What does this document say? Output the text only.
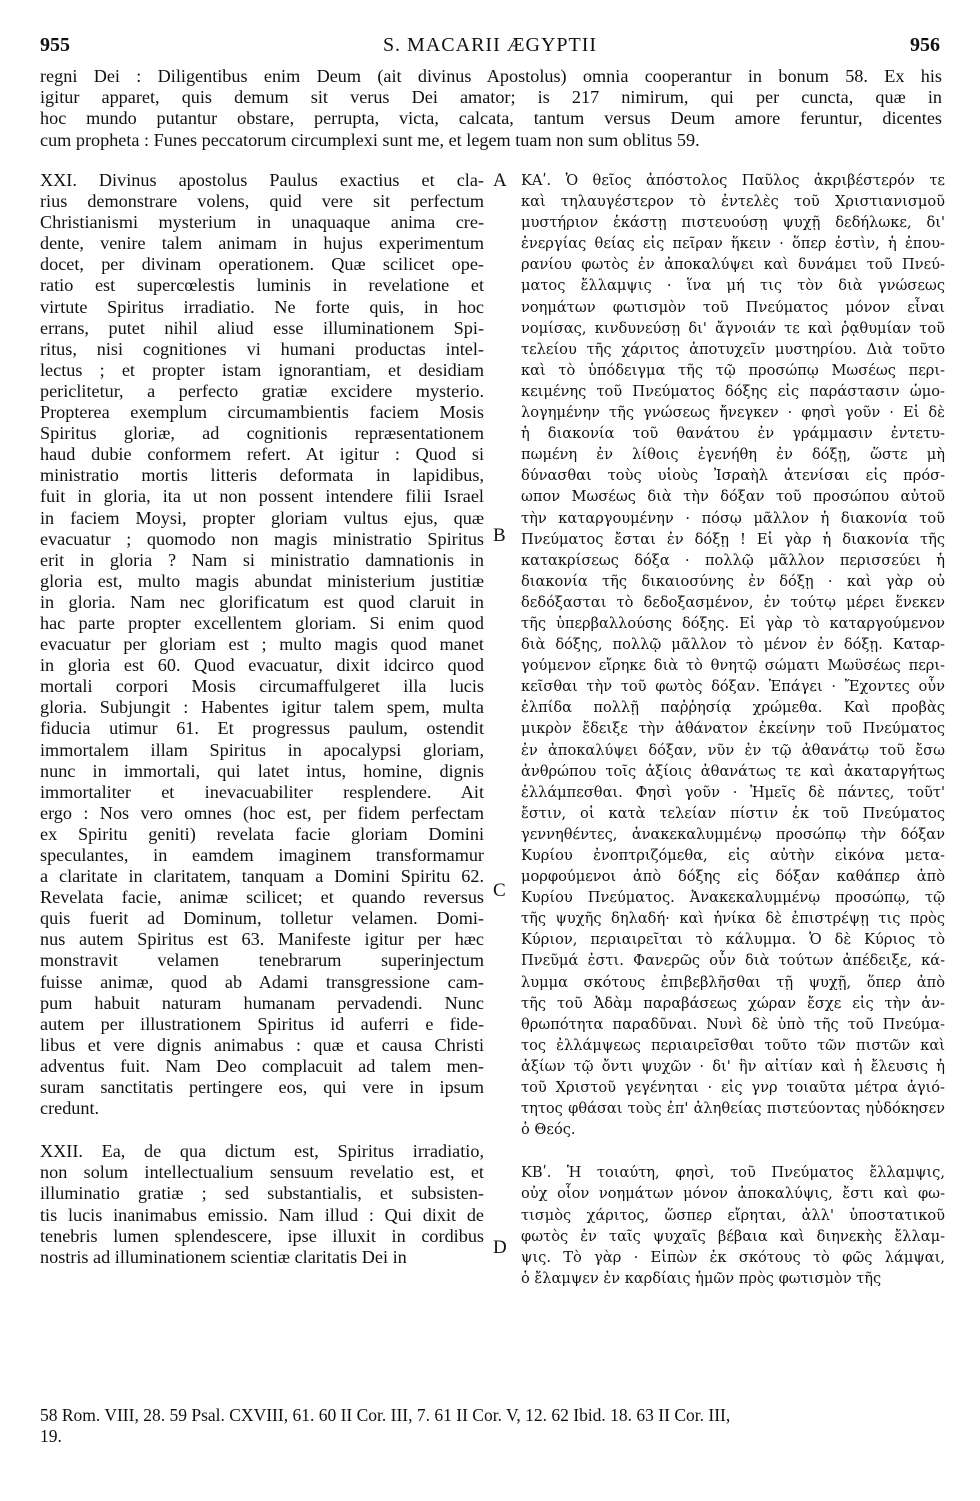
955	S. MACARII ÆGYPTII	956
regni Dei : Diligentibus enim Deum (ait divinus Apostolus) omnia cooperantur in bonum 58. Ex his
igitur apparet, quis demum sit verus Dei amator; is 217 nimirum, qui per cuncta, quæ in
hoc mundo putantur obstare, perrupta, victa, calcata, tantum versus Deum amore feruntur, dicentes
cum propheta : Funes peccatorum circumplexi sunt me, et legem tuam non sum oblitus 59.
XXI. Divinus apostolus Paulus exactius et cla-
rius demonstrare volens, quid vere sit perfectum
Christianismi mysterium in unaquaque anima cre-
dente, venire talem animam in hujus experimentum
docet, per divinam operationem. Quæ scilicet ope-
ratio est supercœlestis luminis in revelatione et
virtute Spiritus irradiatio. Ne forte quis, in hoc
errans, putet nihil aliud esse illuminationem Spi-
ritus, nisi cognitiones vi humani productas intel-
lectus ; et propter istam ignorantiam, et desidiam
periclitetur, a perfecto gratiæ excidere mysterio.
Propterea exemplum circumambientis faciem Mosis
Spiritus gloriæ, ad cognitionis repræsentationem
haud dubie conformem refert. At igitur : Quod si
ministratio mortis litteris deformata in lapidibus,
fuit in gloria, ita ut non possent intendere filii Israel
in faciem Moysi, propter gloriam vultus ejus, quæ
evacuatur ; quomodo non magis ministratio Spiritus
erit in gloria ? Nam si ministratio damnationis in
gloria est, multo magis abundat ministerium justitiæ
in gloria. Nam nec glorificatum est quod claruit in
hac parte propter excellentem gloriam. Si enim quod
evacuatur per gloriam est ; multo magis quod manet
in gloria est 60. Quod evacuatur, dixit idcirco quod
mortali corpori Mosis circumaffulgeret illa lucis
gloria. Subjungit : Habentes igitur talem spem, multa
fiducia utimur 61. Et progressus paulum, ostendit
immortalem illam Spiritus in apocalypsi gloriam,
nunc in immortali, qui latet intus, homine, dignis
immortaliter et inevacuabiliter resplendere. Ait
ergo : Nos vero omnes (hoc est, per fidem perfectam
ex Spiritu geniti) revelata facie gloriam Domini
speculantes, in eamdem imaginem transformamur
a claritate in claritatem, tanquam a Domini Spiritu 62.
Revelata facie, animæ scilicet; et quando reversus
quis fuerit ad Dominum, tolletur velamen. Domi-
nus autem Spiritus est 63. Manifeste igitur per hæc
monstravit velamen tenebrarum superinjectum
fuisse animæ, quod ab Adami transgressione cam-
pum habuit naturam humanam pervadendi. Nunc
autem per illustrationem Spiritus id auferri e fide-
libus et vere dignis animabus : quæ et causa Christi
adventus fuit. Nam Deo complacuit ad talem men-
suram sanctitatis pertingere eos, qui vere in ipsum
credunt.
XXII. Ea, de qua dictum est, Spiritus irradiatio,
non solum intellectualium sensuum revelatio est, et
illuminatio gratiæ ; sed substantialis, et subsisten-
tis lucis inanimabus emissio. Nam illud : Qui dixit de
tenebris lumen splendescere, ipse illuxit in cordibus
nostris ad illuminationem scientiæ claritatis Dei in
ΚΑʹ. Ὁ θεῖος ἀπόστολος Παῦλος ἀκριβέστερόν τε
καὶ τηλαυγέστερον τὸ ἐντελὲς τοῦ Χριστιανισμοῦ
μυστήριον ἑκάστῃ πιστευούσῃ ψυχῇ δεδήλωκε, δι'
ἐνεργίας θείας εἰς πεῖραν ἥκειν · ὅπερ ἐστὶν, ἡ ἐπου-
ρανίου φωτὸς ἐν ἀποκαλύψει καὶ δυνάμει τοῦ Πνεύ-
ματος ἔλλαμψις · ἵνα μή τις τὸν διὰ γνώσεως
νοημάτων φωτισμὸν τοῦ Πνεύματος μόνον εἶναι
νομίσας, κινδυνεύσῃ δι' ἄγνοιάν τε καὶ ῥᾳθυμίαν τοῦ
τελείου τῆς χάριτος ἀποτυχεῖν μυστηρίου. Διὰ τοῦτο
καὶ τὸ ὑπόδειγμα τῆς τῷ προσώπῳ Μωσέως περι-
κειμένης τοῦ Πνεύματος δόξης εἰς παράστασιν ὡμο-
λογημένην τῆς γνώσεως ἤνεγκεν · φησὶ γοῦν · Εἰ δὲ
ἡ διακονία τοῦ θανάτου ἐν γράμμασιν ἐντετυ-
πωμένη ἐν λίθοις ἐγενήθη ἐν δόξῃ, ὥστε μὴ
δύνασθαι τοὺς υἱοὺς Ἰσραὴλ ἀτενίσαι εἰς πρόσ-
ωπον Μωσέως διὰ τὴν δόξαν τοῦ προσώπου αὐτοῦ
τὴν καταργουμένην · πόσῳ μᾶλλον ἡ διακονία τοῦ
Πνεύματος ἔσται ἐν δόξῃ ! Εἰ γὰρ ἡ διακονία τῆς
κατακρίσεως δόξα · πολλῷ μᾶλλον περισσεύει ἡ
διακονία τῆς δικαιοσύνης ἐν δόξῃ · καὶ γὰρ οὐ
δεδόξασται τὸ δεδοξασμένον, ἐν τούτῳ μέρει ἕνεκεν
τῆς ὑπερβαλλούσης δόξης. Εἰ γὰρ τὸ καταργούμενον
διὰ δόξης, πολλῷ μᾶλλον τὸ μένον ἐν δόξῃ. Καταρ-
γούμενον εἴρηκε διὰ τὸ θνητῷ σώματι Μωϋσέως περι-
κεῖσθαι τὴν τοῦ φωτὸς δόξαν. Ἐπάγει · Ἔχοντες οὖν
ἐλπίδα πολλῇ παῤῥησίᾳ χρώμεθα. Καὶ προβὰς
μικρὸν ἔδειξε τὴν ἀθάνατον ἐκείνην τοῦ Πνεύματος
ἐν ἀποκαλύψει δόξαν, νῦν ἐν τῷ ἀθανάτῳ τοῦ ἔσω
ἀνθρώπου τοῖς ἀξίοις ἀθανάτως τε καὶ ἀκαταργήτως
ἐλλάμπεσθαι. Φησὶ γοῦν · Ἡμεῖς δὲ πάντες, τοῦτ'
ἔστιν, οἱ κατὰ τελείαν πίστιν ἐκ τοῦ Πνεύματος
γεννηθέντες, ἀνακεκαλυμμένῳ προσώπῳ τὴν δόξαν
Κυρίου ἐνοπτριζόμεθα, εἰς αὐτὴν εἰκόνα μετα-
μορφούμενοι ἀπὸ δόξης εἰς δόξαν καθάπερ ἀπὸ
Κυρίου Πνεύματος. Ἀνακεκαλυμμένῳ προσώπῳ, τῷ
τῆς ψυχῆς δηλαδή· καὶ ἡνίκα δὲ ἐπιστρέψῃ τις πρὸς
Κύριον, περιαιρεῖται τὸ κάλυμμα. Ὁ δὲ Κύριος τὸ
Πνεῦμά ἐστι. Φανερῶς οὖν διὰ τούτων ἀπέδειξε, κά-
λυμμα σκότους ἐπιβεβλῆσθαι τῇ ψυχῇ, ὅπερ ἀπὸ
τῆς τοῦ Ἀδὰμ παραβάσεως χώραν ἔσχε εἰς τὴν ἀν-
θρωπότητα παραδῦναι. Νυνὶ δὲ ὑπὸ τῆς τοῦ Πνεύμα-
τος ἐλλάμψεως περιαιρεῖσθαι τοῦτο τῶν πιστῶν καὶ
ἀξίων τῷ ὄντι ψυχῶν · δι' ἣν αἰτίαν καὶ ἡ ἔλευσις ἡ
τοῦ Χριστοῦ γεγένηται · εἰς γνρ τοιαῦτα μέτρα ἁγιό-
τητος φθάσαι τοὺς ἐπ' ἀληθείας πιστεύοντας ηὐδόκησεν
ὁ Θεός.
ΚΒʹ. Ἡ τοιαύτη, φησὶ, τοῦ Πνεύματος ἔλλαμψις,
οὐχ οἷον νοημάτων μόνον ἀποκαλύψις, ἔστι καὶ φω-
τισμὸς χάριτος, ὥσπερ εἴρηται, ἀλλ' ὑποστατικοῦ
φωτὸς ἐν ταῖς ψυχαῖς βέβαια καὶ διηνεκὴς ἔλλαμ-
ψις. Τὸ γὰρ · Εἰπὼν ἐκ σκότους τὸ φῶς λάμψαι,
ὁ ἔλαμψεν ἐν καρδίαις ἡμῶν πρὸς φωτισμὸν τῆς
A
B
C
D
58 Rom. VIII, 28. 59 Psal. CXVIII, 61. 60 II Cor. III, 7. 61 II Cor. V, 12. 62 Ibid. 18. 63 II Cor. III,
19.
